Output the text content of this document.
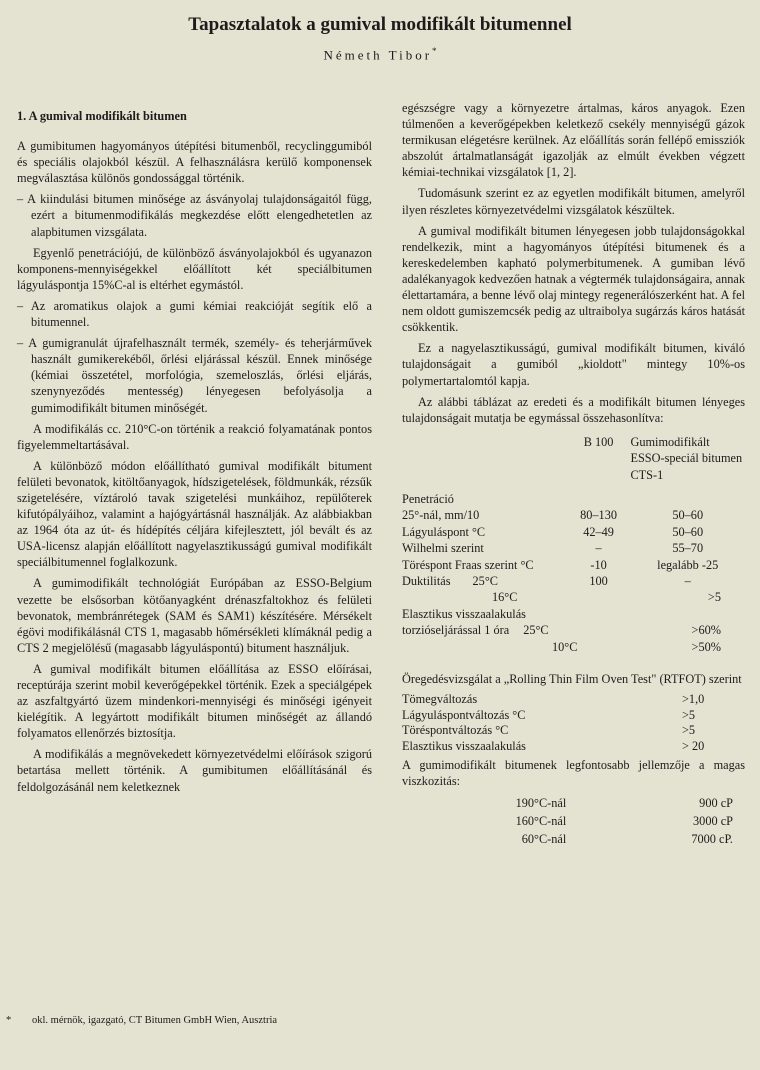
Tapasztalatok a gumival modifikált bitumennel
Németh Tibor*
1. A gumival modifikált bitumen

A gumibitumen hagyományos útépítési bitumenből, recyclinggumiból és speciális olajokból készül. A felhasználásra kerülő komponensek megválasztása különös gondossággal történik.

– A kiindulási bitumen minősége az ásványolaj tulajdonságaitól függ, ezért a bitumenmodifikálás megkezdése előtt elengedhetetlen az alapbitumen vizsgálata.

Egyenlő penetrációjú, de különböző ásványolajokból és ugyanazon komponens-mennyiségekkel előállított két speciálbitumen lágyuláspontja 15%C-al is eltérhet egymástól.

– Az aromatikus olajok a gumi kémiai reakcióját segítik elő a bitumennel.

– A gumigranulát újrafelhasznált termék, személy- és teherjárművek használt gumikerekéből, őrlési eljárással készül. Ennek minősége (kémiai összetétel, morfológia, szemeloszlás, őrlési eljárás, szenynyeződés mentesség) lényegesen befolyásolja a gumimodifikált bitumen minőségét.

A modifikálás cc. 210°C-on történik a reakció folyamatának pontos figyelemmeltartásával.

A különböző módon előállítható gumival modifikált bitument felületi bevonatok, kitöltőanyagok, hídszigetelések, földmunkák, rézsűk szigetelésére, víztároló tavak szigetelési munkáihoz, repülőterek kifutópályáihoz, valamint a hajógyártásnál használják. Az alábbiakban az 1964 óta az út- és hídépítés céljára kifejlesztett, jól bevált és az USA-licensz alapján előállított nagyelasztikusságú gumival modifikált speciálbitumennel foglalkozunk.

A gumimodifikált technológiát Európában az ESSO-Belgium vezette be elsősorban kötőanyagként drénaszfaltokhoz és felületi bevonatok, membránrétegek (SAM és SAM1) készítésére. Mérsékelt égövi modifikálásnál CTS 1, magasabb hőmérsékleti klímáknál pedig a CTS 2 megjelölésű (magasabb lágyuláspontú) bitument használjuk.

A gumival modifikált bitumen előállítása az ESSO előírásai, receptúrája szerint mobil keverőgépekkel történik. Ezek a speciálgépek az aszfaltgyártó üzem mindenkori-mennyiségi és minőségi igényeit kielégítik. A legyártott modifikált bitumen minőségét az állandó folyamatos ellenőrzés biztosítja.

A modifikálás a megnövekedett környezetvédelmi előírások szigorú betartása mellett történik. A gumibitumen előállításánál és feldolgozásánál nem keletkeznek

* okl. mérnök, igazgató, CT Bitumen GmbH Wien, Ausztria

egészségre vagy a környezetre ártalmas, káros anyagok. Ezen túlmenően a keverőgépekben keletkező csekély mennyiségű gázok termikusan elégetésre kerülnek. Az előállítás során fellépő emissziók abszolút ártalmatlanságát igazolják az elmúlt években végzett kémiai-technikai vizsgálatok [1, 2].

Tudomásunk szerint ez az egyetlen modifikált bitumen, amelyről ilyen részletes környezetvédelmi vizsgálatok készültek.

A gumival modifikált bitumen lényegesen jobb tulajdonságokkal rendelkezik, mint a hagyományos útépítési bitumenek és a kereskedelemben kapható polymerbitumenek. A gumiban lévő adalékanyagok kedvezően hatnak a végtermék tulajdonságaira, annak élettartamára, a benne lévő olaj mintegy regenerálószerként hat. A fel nem oldott gumiszemcsék pedig az ultraibolya sugárzás káros hatását csökkentik.

Ez a nagyelasztikusságú, gumival modifikált bitumen, kiváló tulajdonságait a gumiból „kioldott" mintegy 10%-os polymertartalomtól kapja.

Az alábbi táblázat az eredeti és a modifikált bitumen lényeges tulajdonságait mutatja be egymással összehasonlítva:

	B 100	Gumimodifikált ESSO-speciál bitumen CTS-1

Penetráció		
25°-nál, mm/10	80–130	50–60
Lágyuláspont °C	42–49	50–60
Wilhelmi szerint	–	55–70
Töréspont Fraas szerint °C	-10	legalább -25
Duktilitás 25°C	100	–
16°C		>5
Elasztikus visszaalakulás		
torzióseljárással 1 óra 25°C		>60%
10°C		>50%

Öregedésvizsgálat a „Rolling Thin Film Oven Test" (RTFOT) szerint

Tömegváltozás	>1,0
Lágyuláspontváltozás °C	>5
Töréspontváltozás °C	>5
Elasztikus visszaalakulás	> 20

A gumimodifikált bitumenek legfontosabb jellemzője a magas viszkozitás:

190°C-nál	900 cP
160°C-nál	3000 cP
60°C-nál	7000 cP.
